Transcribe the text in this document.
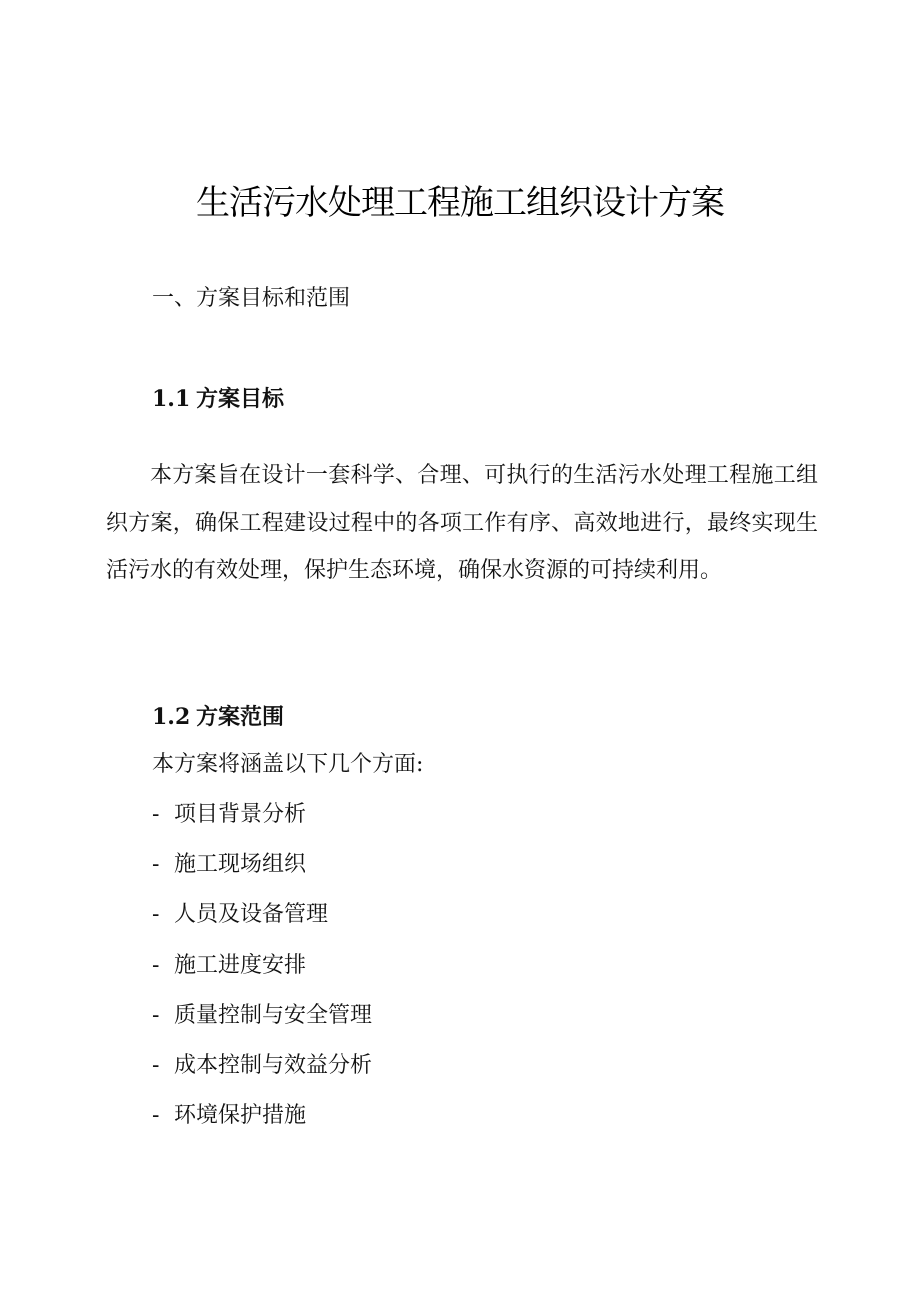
生活污水处理工程施工组织设计方案
一、方案目标和范围
1.1 方案目标

本方案旨在设计一套科学、合理、可执行的生活污水处理工程施工组织方案，确保工程建设过程中的各项工作有序、高效地进行，最终实现生活污水的有效处理，保护生态环境，确保水资源的可持续利用。

1.2 方案范围

本方案将涵盖以下几个方面:

- 项目背景分析
- 施工现场组织
- 人员及设备管理
- 施工进度安排
- 质量控制与安全管理
- 成本控制与效益分析
- 环境保护措施
